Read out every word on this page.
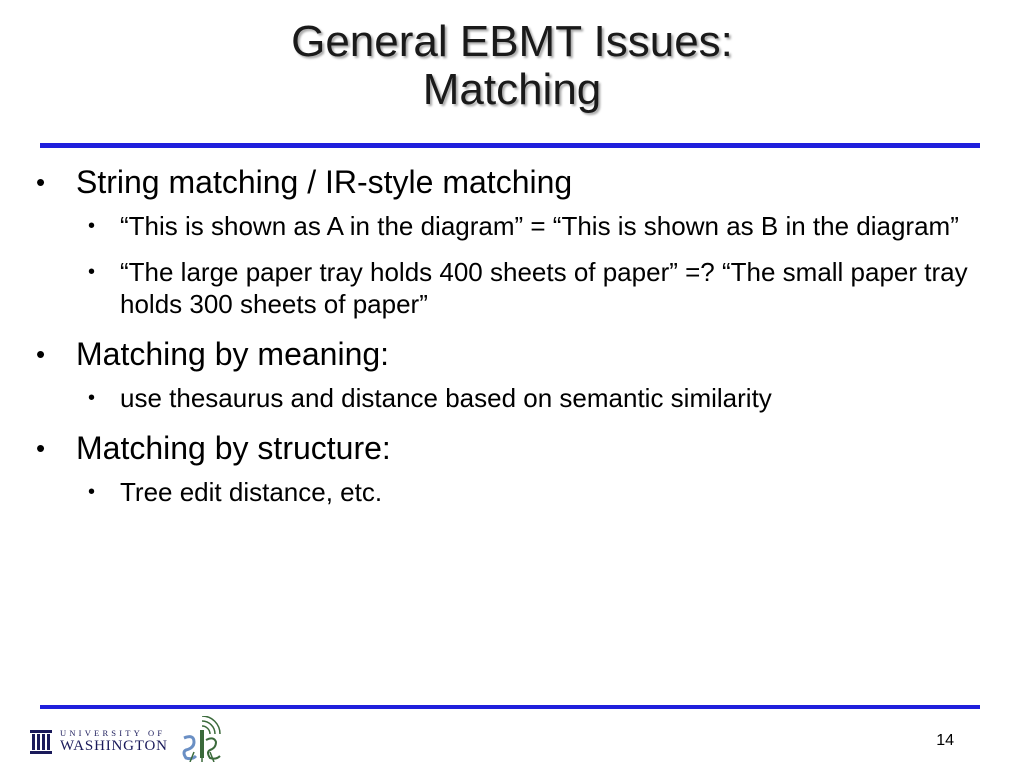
General EBMT Issues:
Matching
• String matching / IR-style matching
• “This is shown as A in the diagram” = “This is shown as B in the diagram”
• “The large paper tray holds 400 sheets of paper” =? “The small paper tray holds 300 sheets of paper”
• Matching by meaning:
• use thesaurus and distance based on semantic similarity
• Matching by structure:
• Tree edit distance, etc.
UNIVERSITY OF
WASHINGTON	14
